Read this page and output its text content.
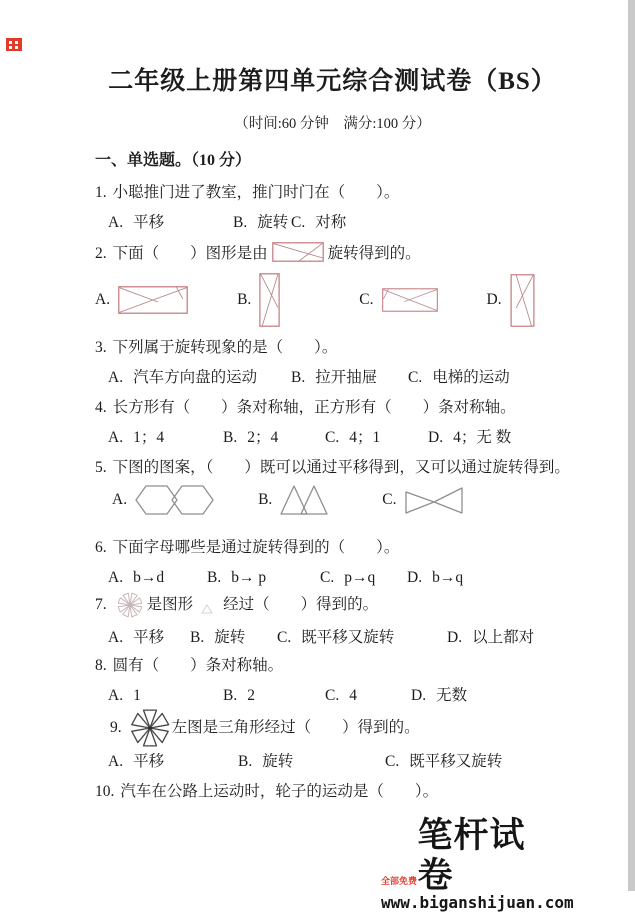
二年级上册第四单元综合测试卷（BS）
（时间:60 分钟　满分:100 分）
一、单选题。（10 分）
1. 小聪推门进了教室，推门时门在（　　）。
A. 平移	B. 旋转 C. 对称
2. 下面（　　）图形是由	旋转得到的。
A.	B.	C.	D.
3. 下列属于旋转现象的是（　　）。
A. 汽车方向盘的运动	B. 拉开抽屉	C. 电梯的运动
4. 长方形有（　　）条对称轴，正方形有（　　）条对称轴。
A. 1；4	B. 2；4	C. 4；1	D. 4；无 数
5. 下图的图案，（　　）既可以通过平移得到，又可以通过旋转得到。
A.	B.	C.
6. 下面字母哪些是通过旋转得到的（　　）。
A. b→d	B. b→ p	C. p→q	D. b→q
7.	是图形 经过（　　）得到的。
A. 平移	B. 旋转	C. 既平移又旋转	D. 以上都对
8. 圆有（　　）条对称轴。
A. 1	B. 2	C. 4	D. 无数
9.	左图是三角形经过（　　）得到的。
A. 平移	B. 旋转	C. 既平移又旋转
10. 汽车在公路上运动时，轮子的运动是（　　）。
全部免费
笔杆试卷
www.biganshijuan.com
